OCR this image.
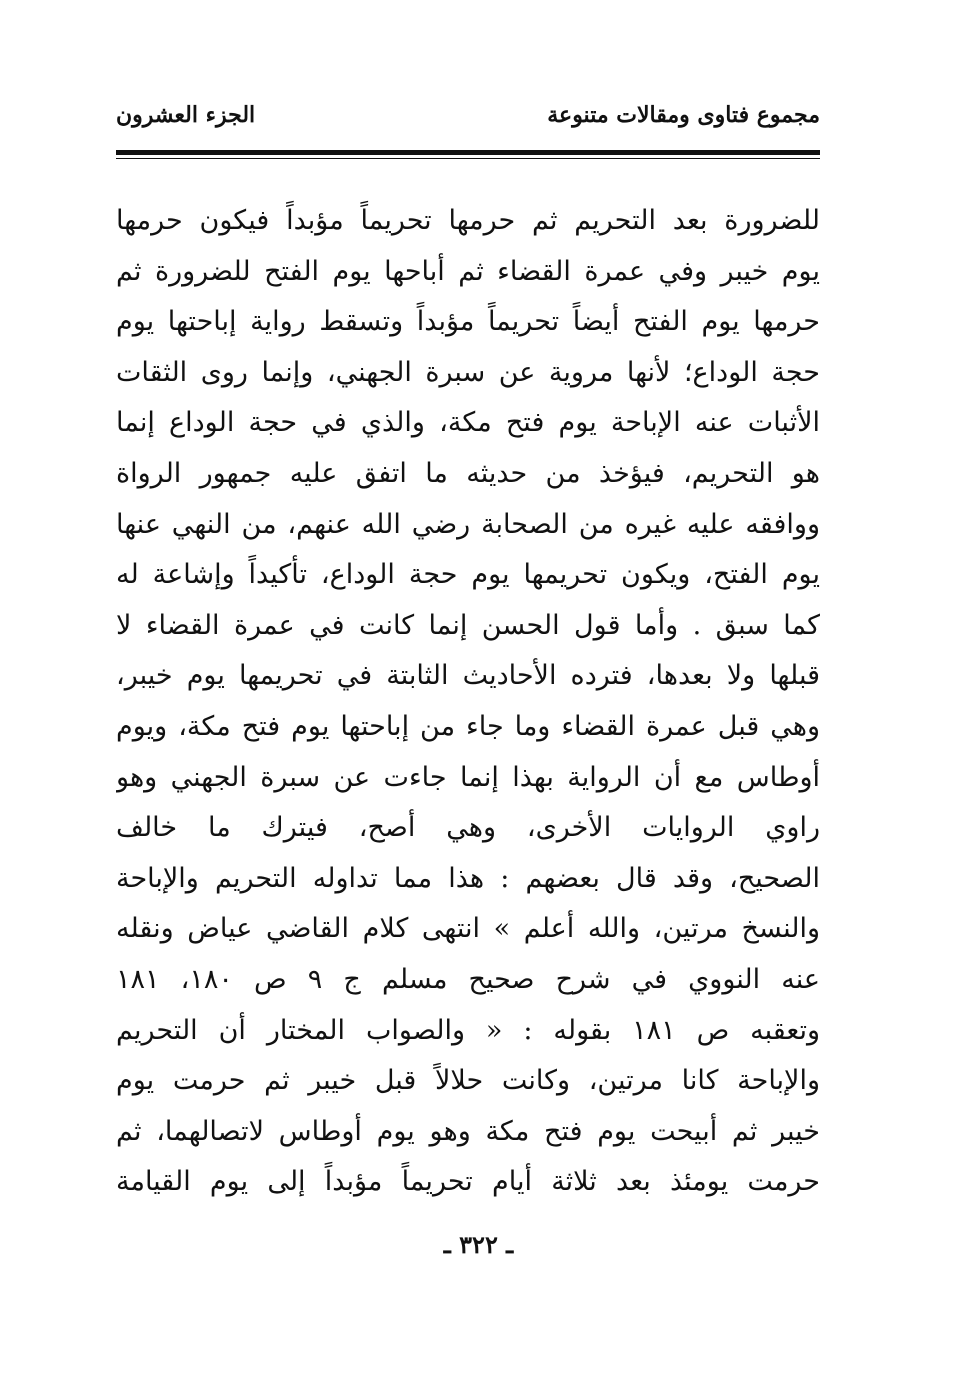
مجموع فتاوى ومقالات متنوعة
الجزء العشرون
للضرورة بعد التحريم ثم حرمها تحريماً مؤبداً فيكون حرمها
يوم خيبر وفي عمرة القضاء ثم أباحها يوم الفتح للضرورة ثم
حرمها يوم الفتح أيضاً تحريماً مؤبداً وتسقط رواية إباحتها يوم
حجة الوداع؛ لأنها مروية عن سبرة الجهني، وإنما روى الثقات
الأثبات عنه الإباحة يوم فتح مكة، والذي في حجة الوداع إنما
هو التحريم، فيؤخذ من حديثه ما اتفق عليه جمهور الرواة
ووافقه عليه غيره من الصحابة رضي الله عنهم، من النهي عنها
يوم الفتح، ويكون تحريمها يوم حجة الوداع، تأكيداً وإشاعة له
كما سبق . وأما قول الحسن إنما كانت في عمرة القضاء لا
قبلها ولا بعدها، فترده الأحاديث الثابتة في تحريمها يوم خيبر،
وهي قبل عمرة القضاء وما جاء من إباحتها يوم فتح مكة، ويوم
أوطاس مع أن الرواية بهذا إنما جاءت عن سبرة الجهني وهو
راوي الروايات الأخرى، وهي أصح، فيترك ما خالف
الصحيح، وقد قال بعضهم : هذا مما تداوله التحريم والإباحة
والنسخ مرتين، والله أعلم » انتهى كلام القاضي عياض ونقله
عنه النووي في شرح صحيح مسلم ج ٩ ص ١٨٠، ١٨١
وتعقبه ص ١٨١ بقوله : « والصواب المختار أن التحريم
والإباحة كانا مرتين، وكانت حلالاً قبل خيبر ثم حرمت يوم
خيبر ثم أبيحت يوم فتح مكة وهو يوم أوطاس لاتصالهما، ثم
حرمت يومئذ بعد ثلاثة أيام تحريماً مؤبداً إلى يوم القيامة
ـ ٣٢٢ ـ
